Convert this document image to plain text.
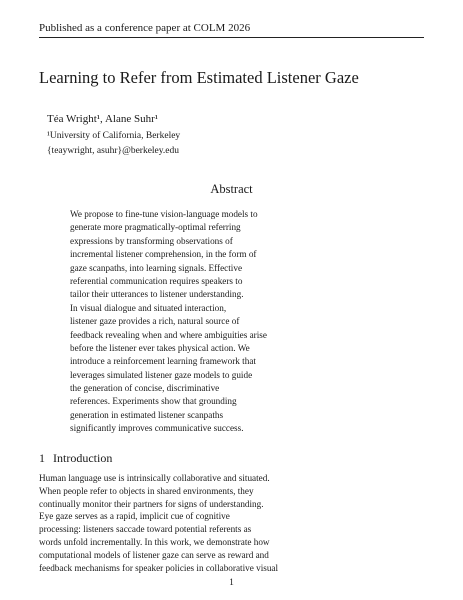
Published as a conference paper at COLM 2026
Learning to Refer from Estimated Listener Gaze
Téa Wright¹, Alane Suhr¹
¹University of California, Berkeley
{teaywright, asuhr}@berkeley.edu
Abstract
We propose to fine-tune vision-language models to
generate more pragmatically-optimal referring
expressions by transforming observations of
incremental listener comprehension, in the form of
gaze scanpaths, into learning signals. Effective
referential communication requires speakers to
tailor their utterances to listener understanding.
In visual dialogue and situated interaction,
listener gaze provides a rich, natural source of
feedback revealing when and where ambiguities arise
before the listener ever takes physical action. We
introduce a reinforcement learning framework that
leverages simulated listener gaze models to guide
the generation of concise, discriminative
references. Experiments show that grounding
generation in estimated listener scanpaths
significantly improves communicative success.
1 Introduction
Human language use is intrinsically collaborative and situated.
When people refer to objects in shared environments, they
continually monitor their partners for signs of understanding.
Eye gaze serves as a rapid, implicit cue of cognitive
processing: listeners saccade toward potential referents as
words unfold incrementally. In this work, we demonstrate how
computational models of listener gaze can serve as reward and
feedback mechanisms for speaker policies in collaborative visual
1
